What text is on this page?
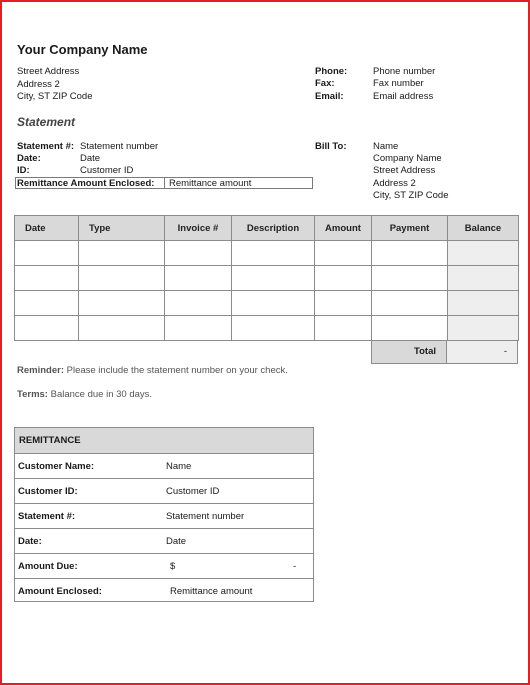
Your Company Name
Street Address
Address 2
City, ST ZIP Code
Phone:	Phone number
Fax:	Fax number
Email:	Email address
Statement
Statement #: Statement number
Date:	Date
ID:	Customer ID
Remittance Amount Enclosed: Remittance amount
Bill To:	Name
Company Name
Street Address
Address 2
City, ST ZIP Code
Date	Type	Invoice #	Description	Amount	Payment	Balance

Total	-
Reminder: Please include the statement number on your check.
Terms: Balance due in 30 days.
REMITTANCE
Customer Name:	Name
Customer ID:	Customer ID
Statement #:	Statement number
Date:	Date
Amount Due:	$	-
Amount Enclosed:	Remittance amount
